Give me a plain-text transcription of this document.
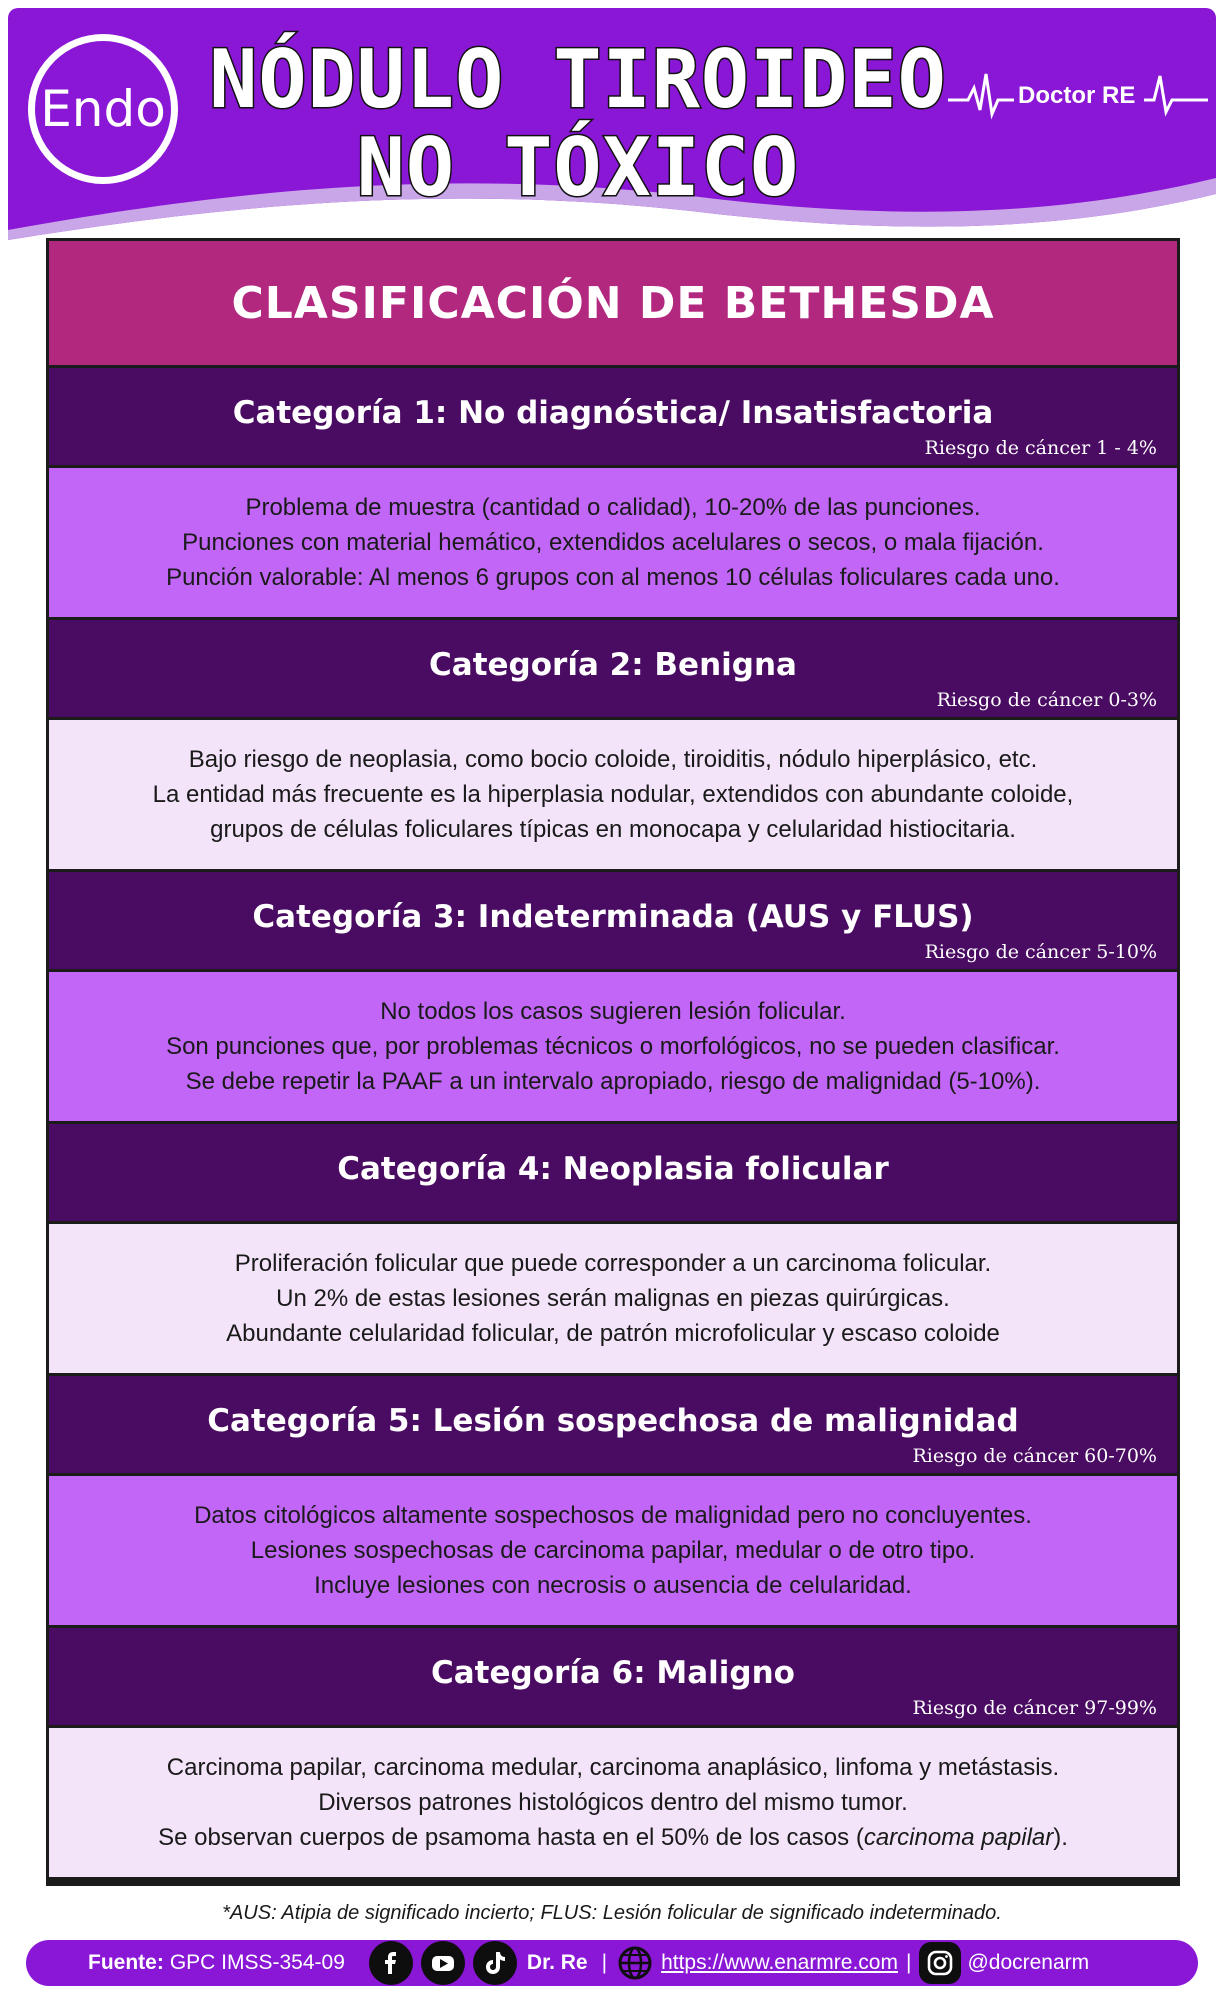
Endo NÓDULO TIROIDEO
NO TÓXICO
Doctor RE
CLASIFICACIÓN DE BETHESDA
Categoría 1: No diagnóstica/ Insatisfactoria
Riesgo de cáncer 1 - 4%
Problema de muestra (cantidad o calidad), 10-20% de las punciones.
Punciones con material hemático, extendidos acelulares o secos, o mala fijación.
Punción valorable: Al menos 6 grupos con al menos 10 células foliculares cada uno.
Categoría 2: Benigna
Riesgo de cáncer 0-3%
Bajo riesgo de neoplasia, como bocio coloide, tiroiditis, nódulo hiperplásico, etc.
La entidad más frecuente es la hiperplasia nodular, extendidos con abundante coloide,
grupos de células foliculares típicas en monocapa y celularidad histiocitaria.
Categoría 3: Indeterminada (AUS y FLUS)
Riesgo de cáncer 5-10%
No todos los casos sugieren lesión folicular.
Son punciones que, por problemas técnicos o morfológicos, no se pueden clasificar.
Se debe repetir la PAAF a un intervalo apropiado, riesgo de malignidad (5-10%).
Categoría 4: Neoplasia folicular
Proliferación folicular que puede corresponder a un carcinoma folicular.
Un 2% de estas lesiones serán malignas en piezas quirúrgicas.
Abundante celularidad folicular, de patrón microfolicular y escaso coloide
Categoría 5: Lesión sospechosa de malignidad
Riesgo de cáncer 60-70%
Datos citológicos altamente sospechosos de malignidad pero no concluyentes.
Lesiones sospechosas de carcinoma papilar, medular o de otro tipo.
Incluye lesiones con necrosis o ausencia de celularidad.
Categoría 6: Maligno
Riesgo de cáncer 97-99%
Carcinoma papilar, carcinoma medular, carcinoma anaplásico, linfoma y metástasis.
Diversos patrones histológicos dentro del mismo tumor.
Se observan cuerpos de psamoma hasta en el 50% de los casos (carcinoma papilar).
*AUS: Atipia de significado incierto; FLUS: Lesión folicular de significado indeterminado.
Fuente: GPC IMSS-354-09	Dr. Re |	https://www.enarmre.com |	@docrenarm
